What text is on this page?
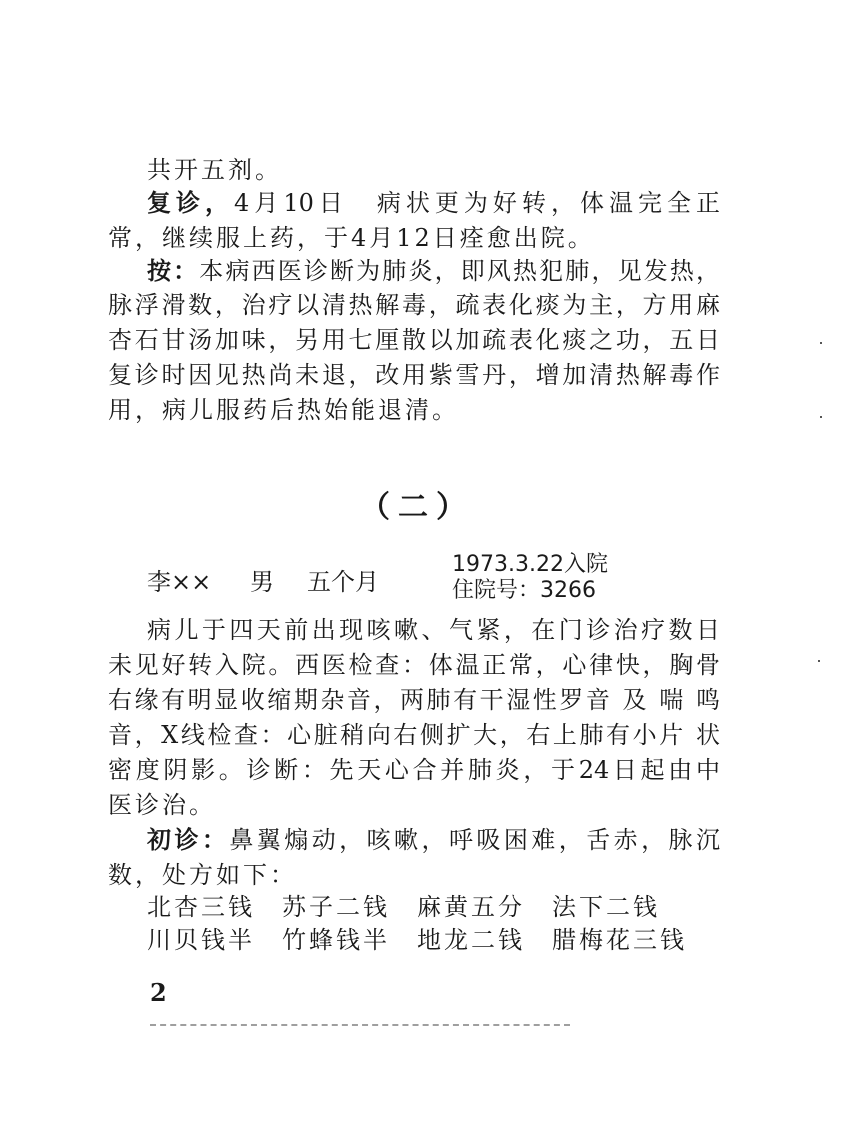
共开五剂。
复诊，4月10日　病状更为好转，体温完全正
常，继续服上药，于4月12日痊愈出院。
按：本病西医诊断为肺炎，即风热犯肺，见发热，
脉浮滑数，治疗以清热解毒，疏表化痰为主，方用麻
杏石甘汤加味，另用七厘散以加疏表化痰之功，五日
复诊时因见热尚未退，改用紫雪丹，增加清热解毒作
用，病儿服药后热始能退清。
（二）
李×× 男 五个月
1973.3.22入院
住院号：3266
病儿于四天前出现咳嗽、气紧，在门诊治疗数日
未见好转入院。西医检查：体温正常，心律快，胸骨
右缘有明显收缩期杂音，两肺有干湿性罗音 及 喘 鸣
音，X线检查：心脏稍向右侧扩大，右上肺有小片 状
密度阴影。诊断：先天心合并肺炎，于24日起由中
医诊治。
初诊：鼻翼煽动，咳嗽，呼吸困难，舌赤，脉沉
数，处方如下：
北杏三钱　苏子二钱　麻黄五分　法下二钱
川贝钱半　竹蜂钱半　地龙二钱　腊梅花三钱
2
